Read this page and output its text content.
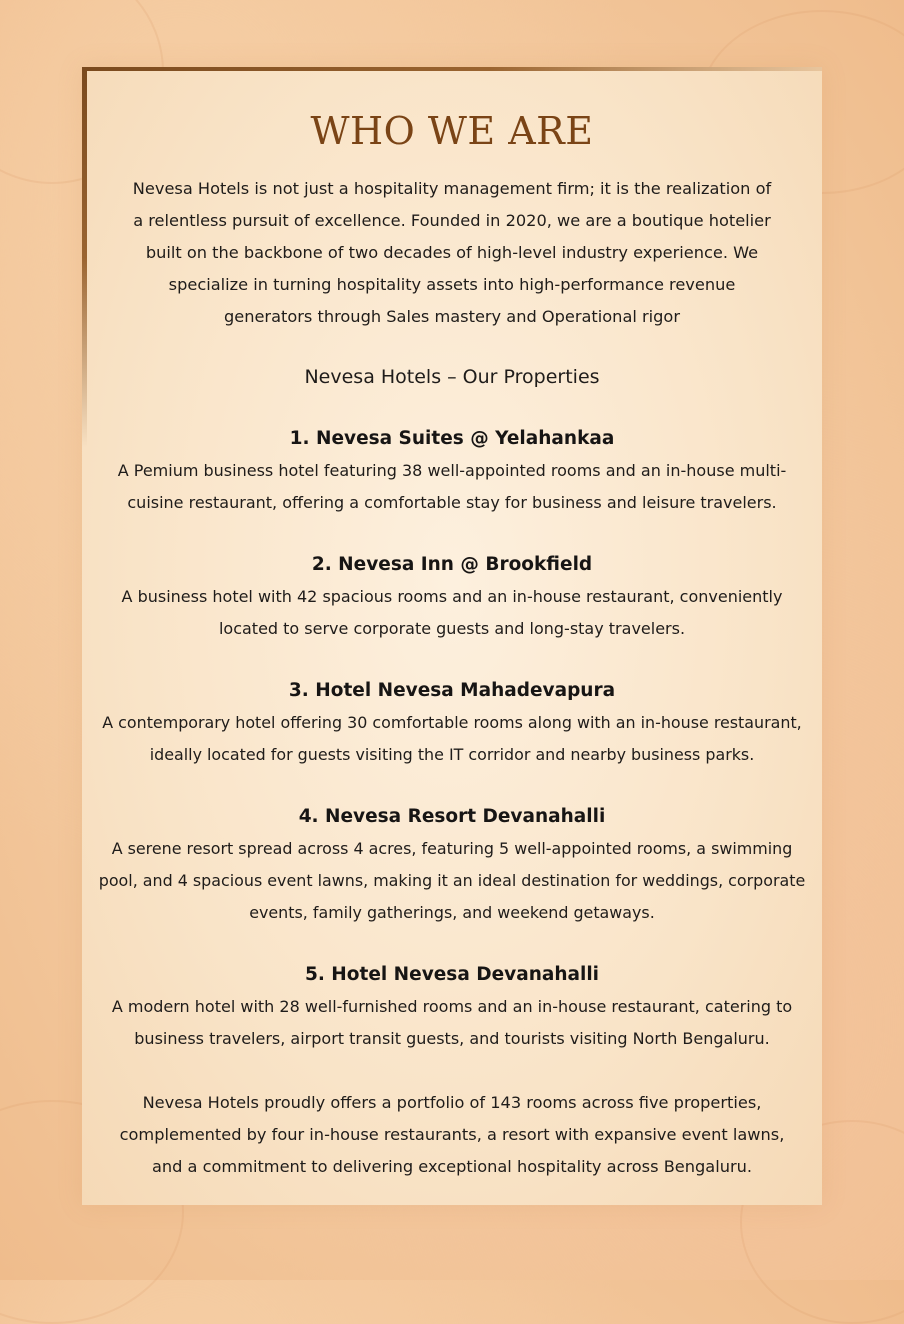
WHO WE ARE

Nevesa Hotels is not just a hospitality management firm; it is the realization of a relentless pursuit of excellence. Founded in 2020, we are a boutique hotelier built on the backbone of two decades of high-level industry experience. We specialize in turning hospitality assets into high-performance revenue generators through Sales mastery and Operational rigor

Nevesa Hotels – Our Properties

1. Nevesa Suites @ Yelahankaa

A Pemium business hotel featuring 38 well-appointed rooms and an in-house multi-cuisine restaurant, offering a comfortable stay for business and leisure travelers.

2. Nevesa Inn @ Brookfield

A business hotel with 42 spacious rooms and an in-house restaurant, conveniently located to serve corporate guests and long-stay travelers.

3. Hotel Nevesa Mahadevapura

A contemporary hotel offering 30 comfortable rooms along with an in-house restaurant, ideally located for guests visiting the IT corridor and nearby business parks.

4. Nevesa Resort Devanahalli

A serene resort spread across 4 acres, featuring 5 well-appointed rooms, a swimming pool, and 4 spacious event lawns, making it an ideal destination for weddings, corporate events, family gatherings, and weekend getaways.

5. Hotel Nevesa Devanahalli

A modern hotel with 28 well-furnished rooms and an in-house restaurant, catering to business travelers, airport transit guests, and tourists visiting North Bengaluru.

Nevesa Hotels proudly offers a portfolio of 143 rooms across five properties, complemented by four in-house restaurants, a resort with expansive event lawns, and a commitment to delivering exceptional hospitality across Bengaluru.
